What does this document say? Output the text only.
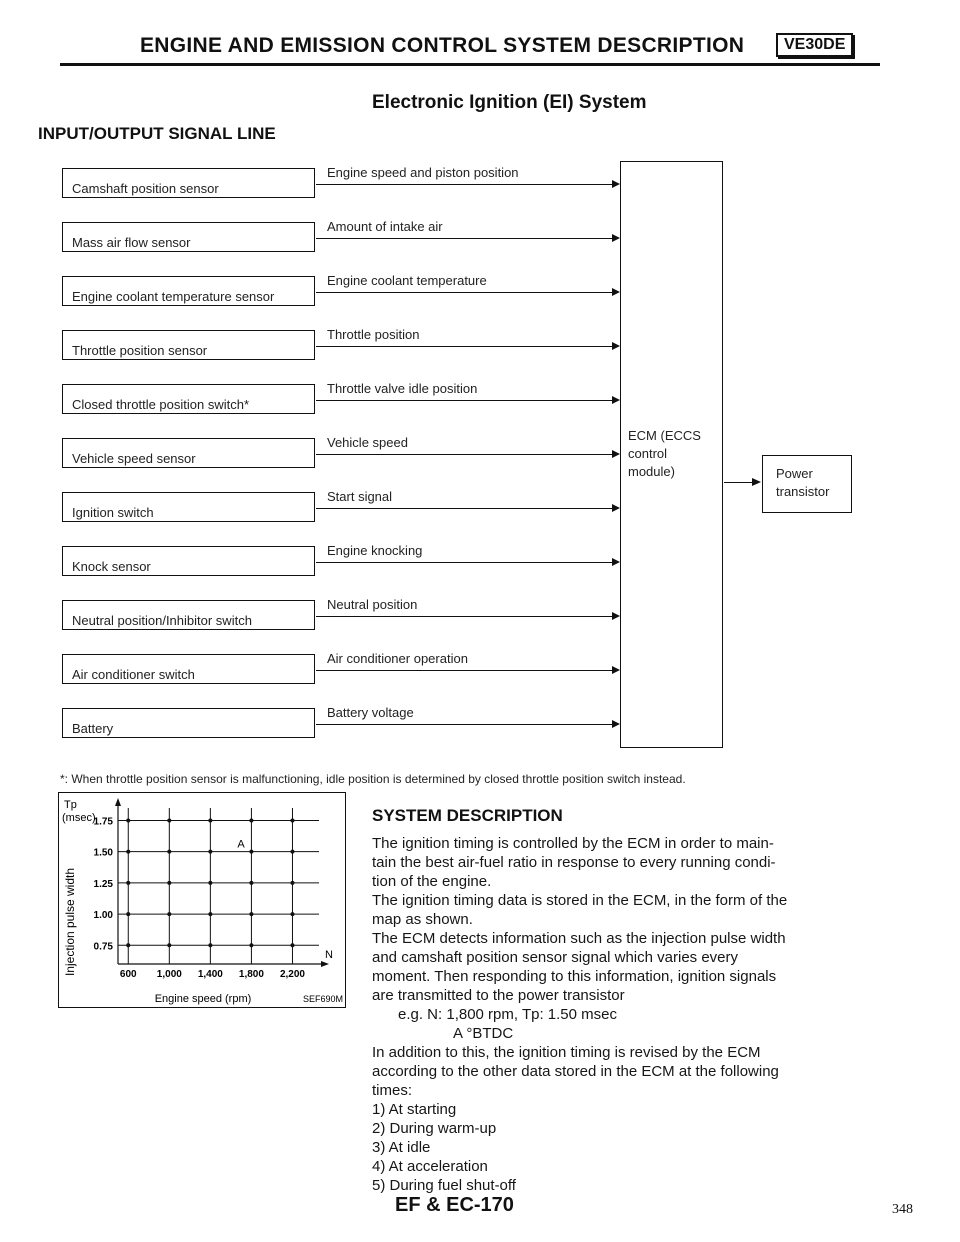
ENGINE AND EMISSION CONTROL SYSTEM DESCRIPTION	VE30DE
Electronic Ignition (EI) System
INPUT/OUTPUT SIGNAL LINE
Camshaft position sensor
Engine speed and piston position
Mass air flow sensor
Amount of intake air
Engine coolant temperature sensor
Engine coolant temperature
Throttle position sensor
Throttle position
Closed throttle position switch*
Throttle valve idle position
Vehicle speed sensor
Vehicle speed
Ignition switch
Start signal
Knock sensor
Engine knocking
Neutral position/Inhibitor switch
Neutral position
Air conditioner switch
Air conditioner operation
Battery
Battery voltage
ECM (ECCS
control
module)	Power
transistor
*: When throttle position sensor is malfunctioning, idle position is determined by closed throttle position switch instead.
Tp
(msec)
Injection pulse width
Engine speed (rpm)	SEF690M
0.75
1.00
1.25
1.50
1.75
600 1,000 1,400 1,800 2,200
A
N
SYSTEM DESCRIPTION
The ignition timing is controlled by the ECM in order to main-
tain the best air-fuel ratio in response to every running condi-
tion of the engine.
The ignition timing data is stored in the ECM, in the form of the
map as shown.
The ECM detects information such as the injection pulse width
and camshaft position sensor signal which varies every
moment. Then responding to this information, ignition signals
are transmitted to the power transistor
e.g. N: 1,800 rpm, Tp: 1.50 msec
A °BTDC
In addition to this, the ignition timing is revised by the ECM
according to the other data stored in the ECM at the following
times:
1) At starting
2) During warm-up
3) At idle
4) At acceleration
5) During fuel shut-off
EF & EC-170	348
